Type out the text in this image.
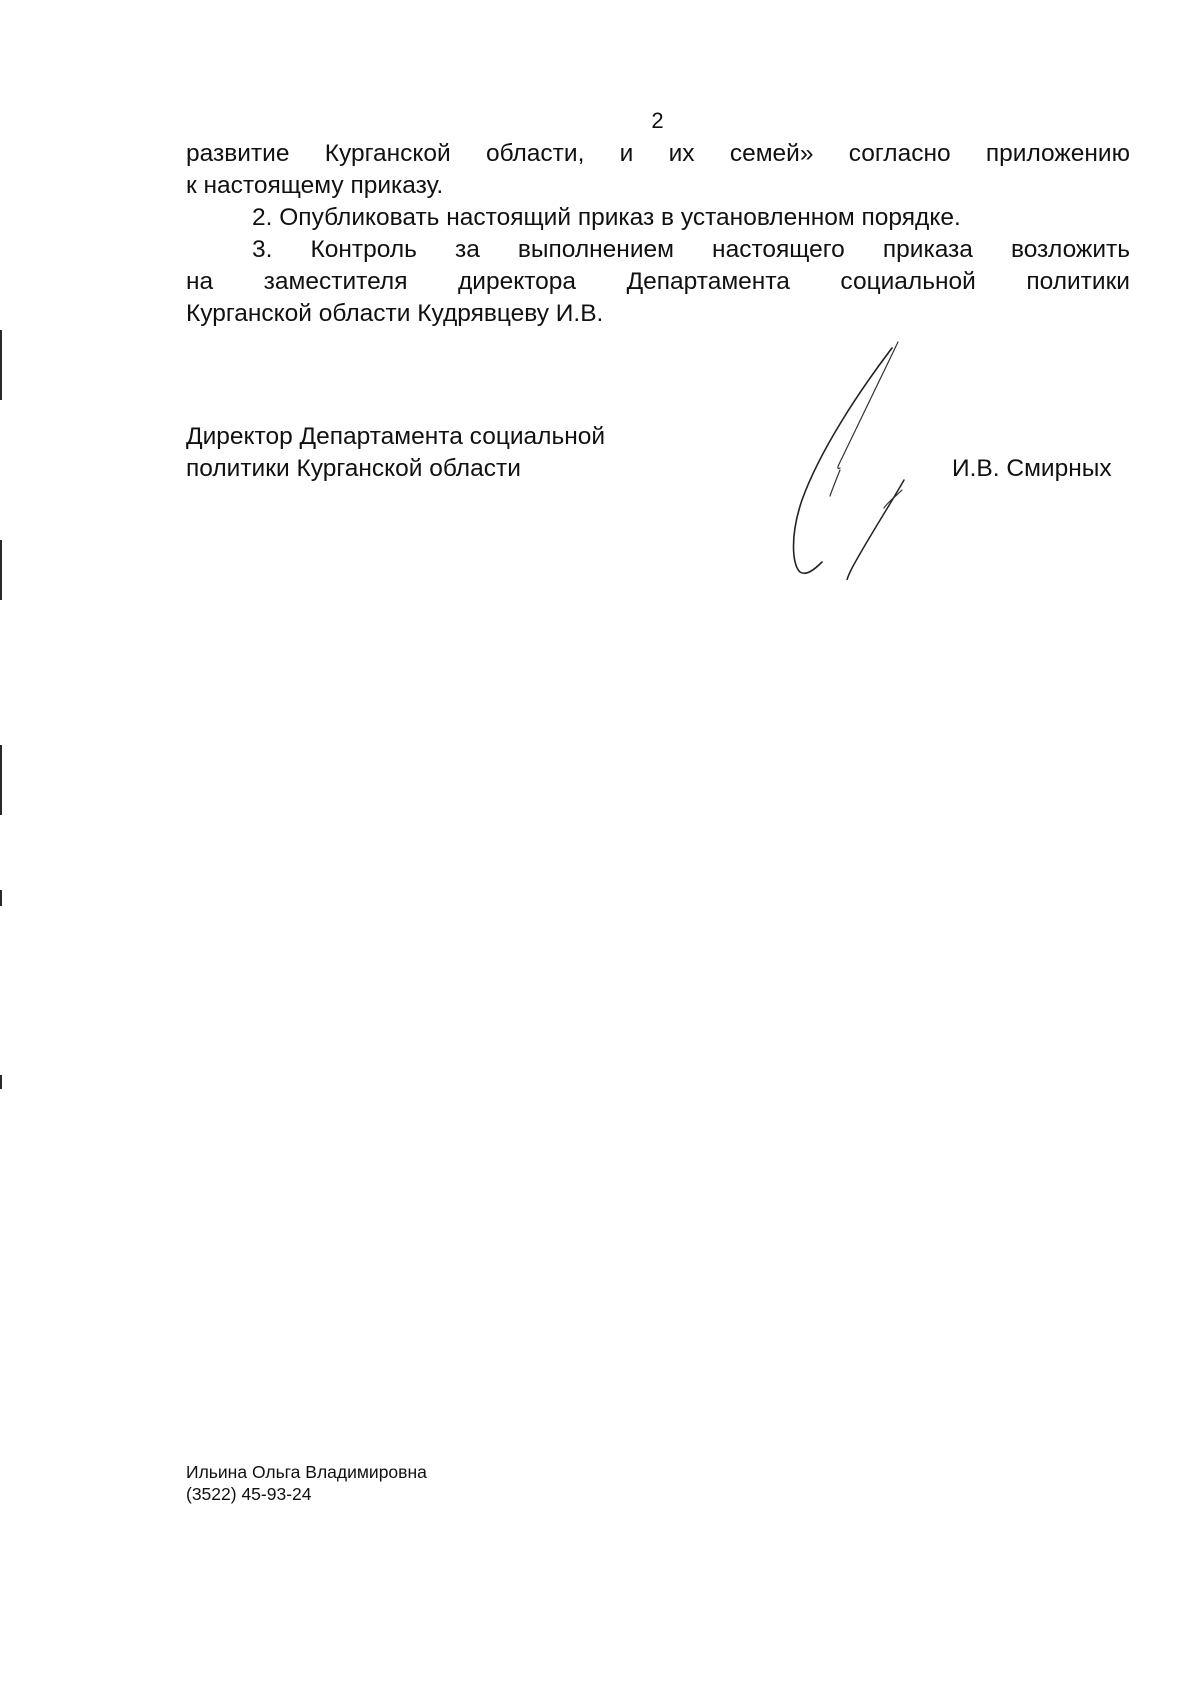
2
развитие Курганской области, и их семей» согласно приложению
к настоящему приказу.
2. Опубликовать настоящий приказ в установленном порядке.
3. Контроль за выполнением настоящего приказа возложить
на заместителя директора Департамента социальной политики
Курганской области Кудрявцеву И.В.
Директор Департамента социальной
политики Курганской области	И.В. Смирных
Ильина Ольга Владимировна
(3522) 45-93-24
